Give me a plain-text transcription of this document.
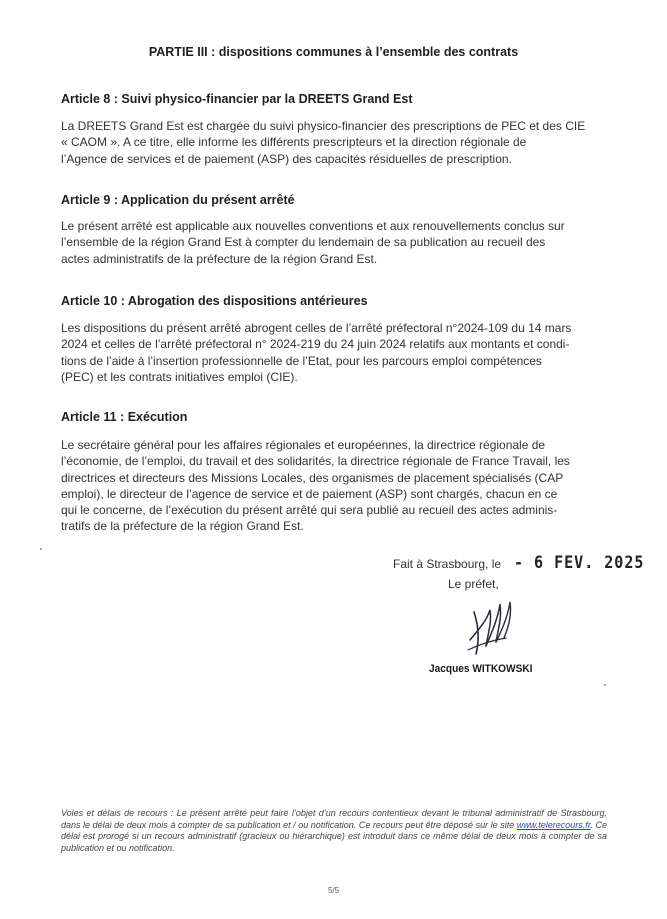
PARTIE III : dispositions communes à l’ensemble des contrats
Article 8 : Suivi physico-financier par la DREETS Grand Est
La DREETS Grand Est est chargée du suivi physico-financier des prescriptions de PEC et des CIE
« CAOM ». A ce titre, elle informe les différents prescripteurs et la direction régionale de
l’Agence de services et de paiement (ASP) des capacités résiduelles de prescription.
Article 9 : Application du présent arrêté
Le présent arrêté est applicable aux nouvelles conventions et aux renouvellements conclus sur
l’ensemble de la région Grand Est à compter du lendemain de sa publication au recueil des
actes administratifs de la préfecture de la région Grand Est.
Article 10 : Abrogation des dispositions antérieures
Les dispositions du présent arrêté abrogent celles de l’arrêté préfectoral n°2024-109 du 14 mars
2024 et celles de l’arrêté préfectoral n° 2024-219 du 24 juin 2024 relatifs aux montants et condi-
tions de l’aide à l’insertion professionnelle de l’Etat, pour les parcours emploi compétences
(PEC) et les contrats initiatives emploi (CIE).
Article 11 : Exécution
Le secrétaire général pour les affaires régionales et européennes, la directrice régionale de
l’économie, de l’emploi, du travail et des solidarités, la directrice régionale de France Travail, les
directrices et directeurs des Missions Locales, des organismes de placement spécialisés (CAP
emploi), le directeur de l’agence de service et de paiement (ASP) sont chargés, chacun en ce
qui le concerne, de l’exécution du présent arrêté qui sera publié au recueil des actes adminis-
tratifs de la préfecture de la région Grand Est.
Fait à Strasbourg, le - 6 FEV. 2025
Le préfet,
Jacques WITKOWSKI
Voies et délais de recours : Le présent arrêté peut faire l’objet d’un recours contentieux devant le tribunal administratif de Strasbourg, dans le délai de deux mois à compter de sa publication et / ou notification. Ce recours peut être déposé sur le site www.telerecours.fr. Ce délai est prorogé si un recours administratif (gracieux ou hiérarchique) est introduit dans ce même délai de deux mois à compter de sa publication et ou notification.
5/5
